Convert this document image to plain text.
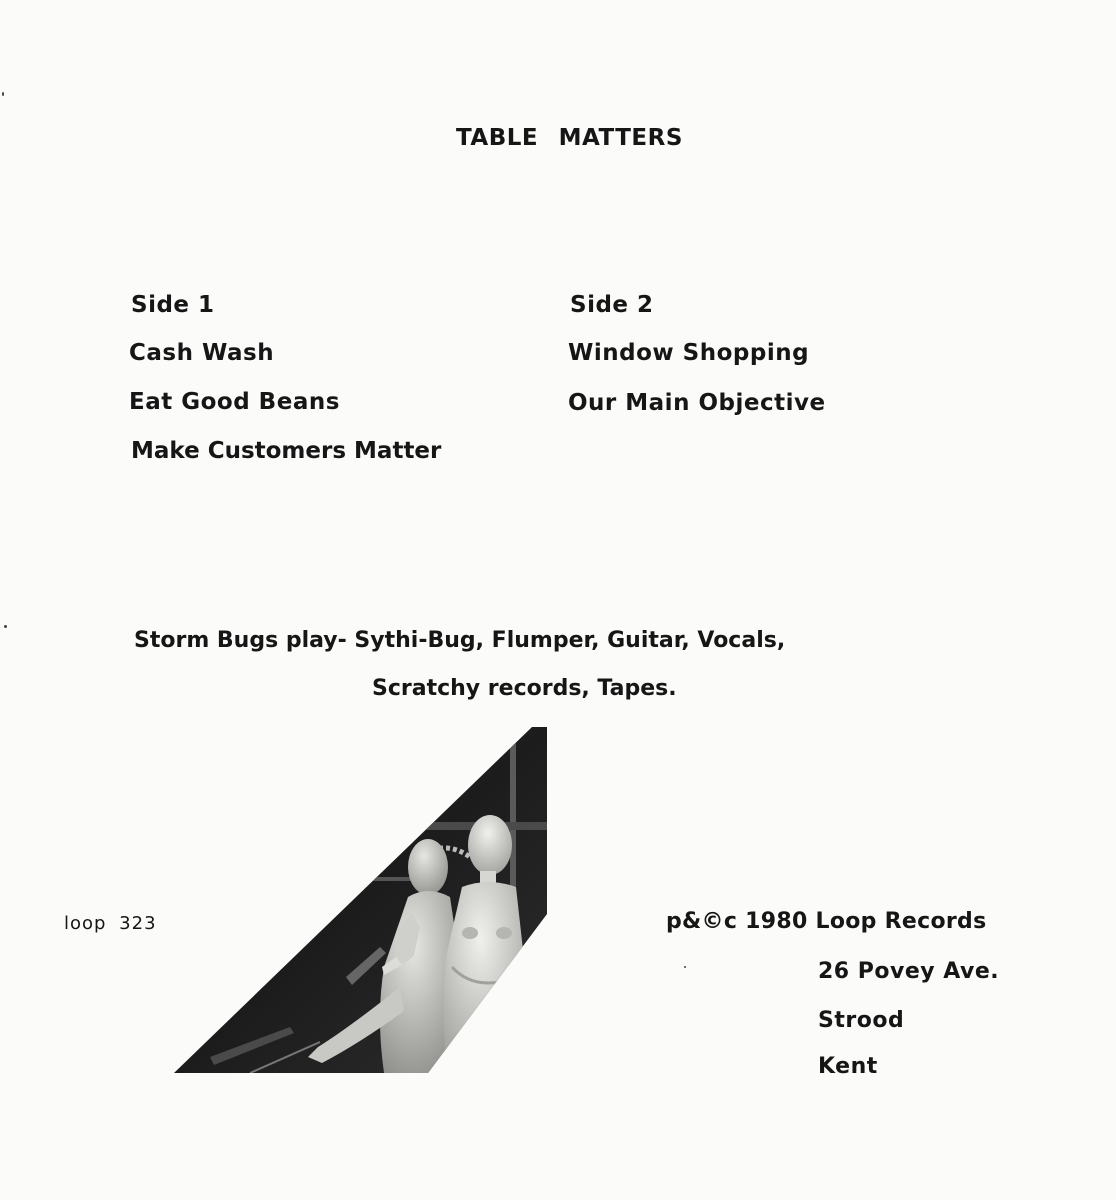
TABLE MATTERS
Side 1
Cash Wash
Eat Good Beans
Make Customers Matter
Side 2
Window Shopping
Our Main Objective
Storm Bugs play- Sythi-Bug, Flumper, Guitar, Vocals,
Scratchy records, Tapes.
loop 323	p&©c 1980 Loop Records
26 Povey Ave.
Strood
Kent
